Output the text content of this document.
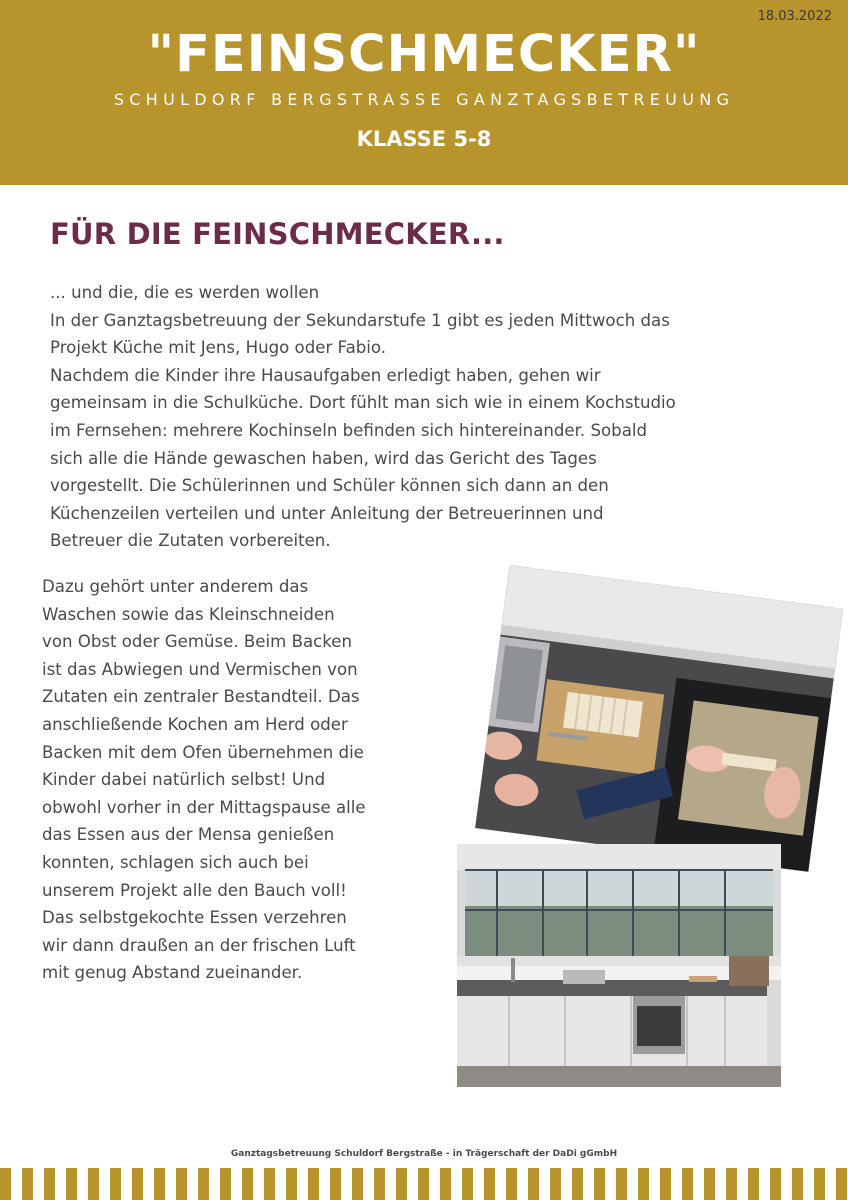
18.03.2022
"FEINSCHMECKER"
SCHULDORF BERGSTRASSE GANZTAGSBETREUUNG
KLASSE 5-8
FÜR DIE FEINSCHMECKER...
... und die, die es werden wollen
In der Ganztagsbetreuung der Sekundarstufe 1 gibt es jeden Mittwoch das
Projekt Küche mit Jens, Hugo oder Fabio.
Nachdem die Kinder ihre Hausaufgaben erledigt haben, gehen wir
gemeinsam in die Schulküche. Dort fühlt man sich wie in einem Kochstudio
im Fernsehen: mehrere Kochinseln befinden sich hintereinander. Sobald
sich alle die Hände gewaschen haben, wird das Gericht des Tages
vorgestellt. Die Schülerinnen und Schüler können sich dann an den
Küchenzeilen verteilen und unter Anleitung der Betreuerinnen und
Betreuer die Zutaten vorbereiten.
Dazu gehört unter anderem das
Waschen sowie das Kleinschneiden
von Obst oder Gemüse. Beim Backen
ist das Abwiegen und Vermischen von
Zutaten ein zentraler Bestandteil. Das
anschließende Kochen am Herd oder
Backen mit dem Ofen übernehmen die
Kinder dabei natürlich selbst! Und
obwohl vorher in der Mittagspause alle
das Essen aus der Mensa genießen
konnten, schlagen sich auch bei
unserem Projekt alle den Bauch voll!
Das selbstgekochte Essen verzehren
wir dann draußen an der frischen Luft
mit genug Abstand zueinander.
Ganztagsbetreuung Schuldorf Bergstraße - in Trägerschaft der DaDi gGmbH
